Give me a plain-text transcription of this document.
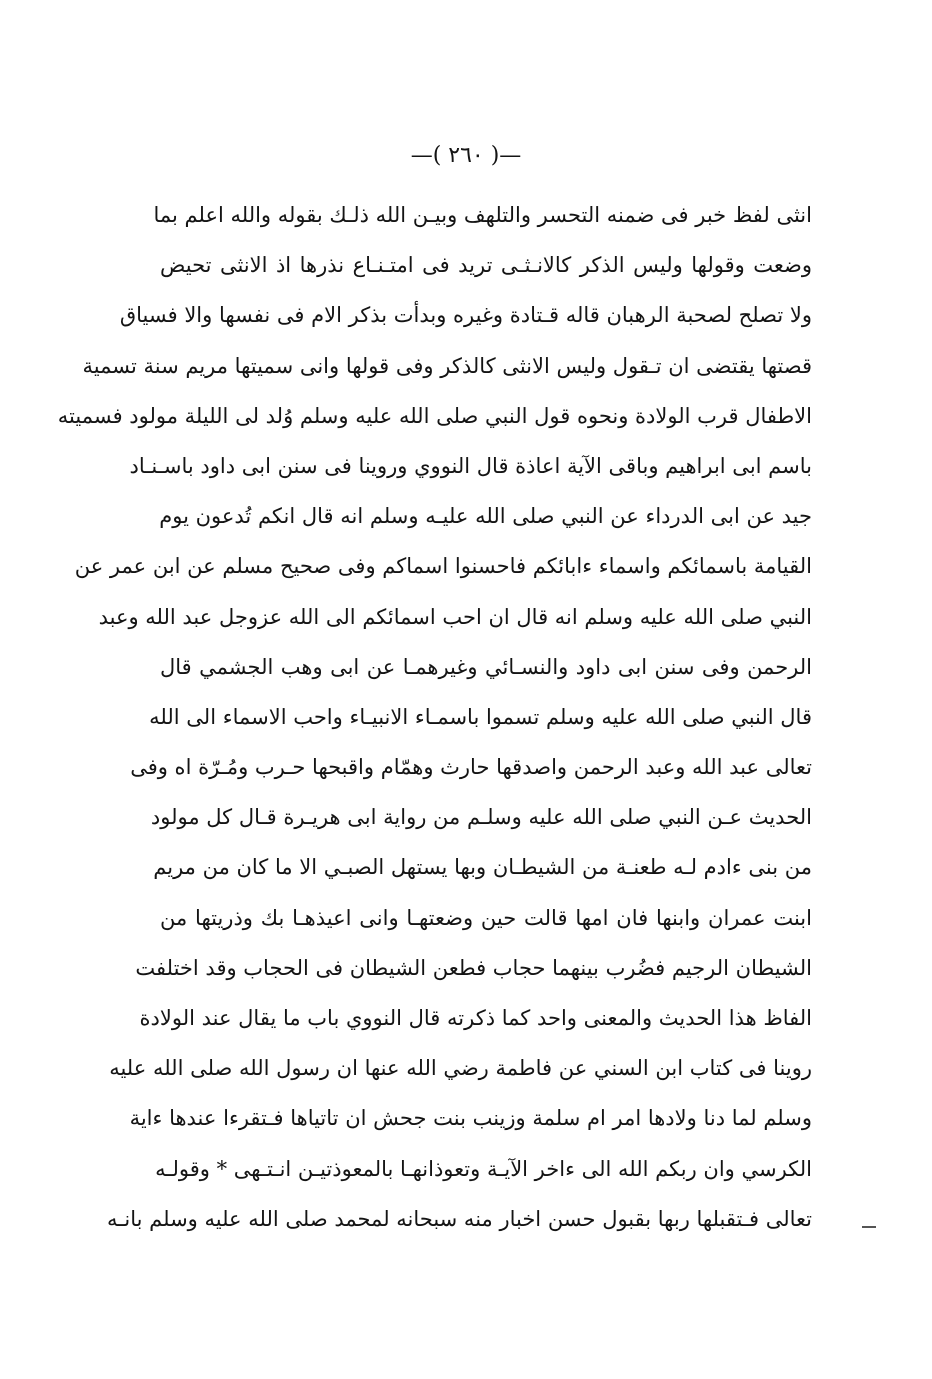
—( ٢٦٠ )—
انثى لفظ خبر فى ضمنه التحسر والتلهف وبيـن الله ذلـك بقوله والله اعلم بما
وضعت وقولها وليس الذكر كالانـثـى تريد فى امتـنـاع نذرها اذ الانثى تحيض
ولا تصلح لصحبة الرهبان قاله قـتادة وغيره وبدأت بذكر الام فى نفسها والا فسياق
قصتها يقتضى ان تـقول وليس الانثى كالذكر وفى قولها وانى سميتها مريم سنة تسمية
الاطفال قرب الولادة ونحوه قول النبي صلى الله عليه وسلم وُلد لى الليلة مولود فسميته
باسم ابى ابراهيم وباقى الآية اعاذة قال النووي وروينا فى سنن ابى داود باسـنـاد
جيد عن ابى الدرداء عن النبي صلى الله عليـه وسلم انه قال انكم تُدعون يوم
القيامة باسمائكم واسماء ءابائكم فاحسنوا اسماكم وفى صحيح مسلم عن ابن عمر عن
النبي صلى الله عليه وسلم انه قال ان احب اسمائكم الى الله عزوجل عبد الله وعبد
الرحمن وفى سنن ابى داود والنسـائي وغيرهمـا عن ابى وهب الجشمي قال
قال النبي صلى الله عليه وسلم تسموا باسمـاء الانبيـاء واحب الاسماء الى الله
تعالى عبد الله وعبد الرحمن واصدقها حارث وهمّام واقبحها حـرب ومُـرّة اه وفى
الحديث عـن النبي صلى الله عليه وسلـم من رواية ابى هريـرة قـال كل مولود
من بنى ءادم لـه طعنـة من الشيطـان وبها يستهل الصبـي الا ما كان من مريم
ابنت عمران وابنها فان امها قالت حين وضعتهـا وانى اعيذهـا بك وذريتها من
الشيطان الرجيم فضُرب بينهما حجاب فطعن الشيطان فى الحجاب وقد اختلفت
الفاظ هذا الحديث والمعنى واحد كما ذكرته قال النووي باب ما يقال عند الولادة
روينا فى كتاب ابن السني عن فاطمة رضي الله عنها ان رسول الله صلى الله عليه
وسلم لما دنا ولادها امر ام سلمة وزينب بنت جحش ان تاتياها فـتقرءا عندها ءاية
الكرسي وان ربكم الله الى ءاخر الآيـة وتعوذانهـا بالمعوذتيـن انـتـهى * وقولـه
تعالى فـتقبلها ربها بقبول حسن اخبار منه سبحانه لمحمد صلى الله عليه وسلم بانـه
